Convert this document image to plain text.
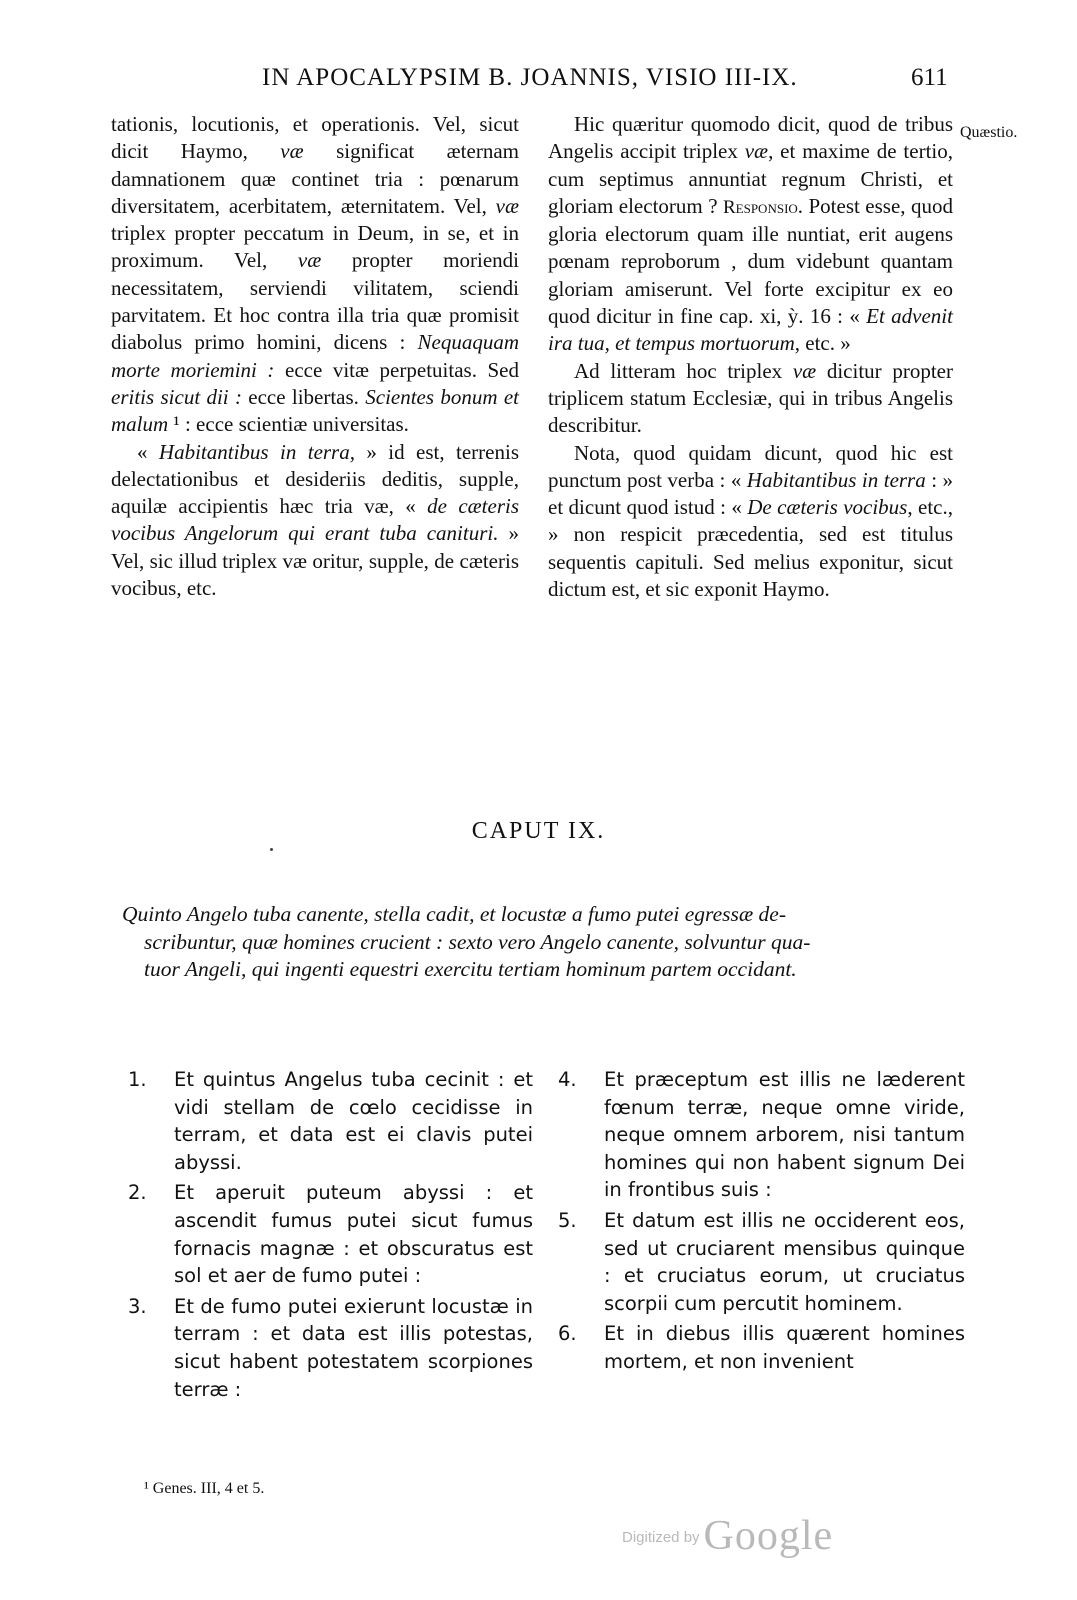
IN APOCALYPSIM B. JOANNIS, VISIO III-IX.	611
Quæstio.

tationis, locutionis, et operationis. Vel, sicut dicit Haymo, væ significat æternam damnationem quæ continet tria : pœnarum diversitatem, acerbitatem, æternitatem. Vel, væ triplex propter peccatum in Deum, in se, et in proximum. Vel, væ propter moriendi necessitatem, serviendi vilitatem, sciendi parvitatem. Et hoc contra illa tria quæ promisit diabolus primo homini, dicens : Nequaquam morte moriemini : ecce vitæ perpetuitas. Sed eritis sicut dii : ecce libertas. Scientes bonum et malum ¹ : ecce scientiæ universitas.

« Habitantibus in terra, » id est, terrenis delectationibus et desideriis deditis, supple, aquilæ accipientis hæc tria væ, « de cæteris vocibus Angelorum qui erant tuba canituri. » Vel, sic illud triplex væ oritur, supple, de cæteris vocibus, etc.

Hic quæritur quomodo dicit, quod de tribus Angelis accipit triplex væ, et maxime de tertio, cum septimus annuntiat regnum Christi, et gloriam electorum ? Responsio. Potest esse, quod gloria electorum quam ille nuntiat, erit augens pœnam reproborum , dum videbunt quantam gloriam amiserunt. Vel forte excipitur ex eo quod dicitur in fine cap. xi, ỳ. 16 : « Et advenit ira tua, et tempus mortuorum, etc. »

Ad litteram hoc triplex væ dicitur propter triplicem statum Ecclesiæ, qui in tribus Angelis describitur.

Nota, quod quidam dicunt, quod hic est punctum post verba : « Habitantibus in terra : » et dicunt quod istud : « De cæteris vocibus, etc., » non respicit præcedentia, sed est titulus sequentis capituli. Sed melius exponitur, sicut dictum est, et sic exponit Haymo.

CAPUT IX.
Quinto Angelo tuba canente, stella cadit, et locustæ a fumo putei egressæ de-
scribuntur, quæ homines crucient : sexto vero Angelo canente, solvuntur qua-
tuor Angeli, qui ingenti equestri exercitu tertiam hominum partem occidant.
1. Et quintus Angelus tuba cecinit : et vidi stellam de cœlo cecidisse in terram, et data est ei clavis putei abyssi.
2. Et aperuit puteum abyssi : et ascendit fumus putei sicut fumus fornacis magnæ : et obscuratus est sol et aer de fumo putei :
3. Et de fumo putei exierunt locustæ in terram : et data est illis potestas, sicut habent potestatem scorpiones terræ :
4. Et præceptum est illis ne læderent fœnum terræ, neque omne viride, neque omnem arborem, nisi tantum homines qui non habent signum Dei in frontibus suis :
5. Et datum est illis ne occiderent eos, sed ut cruciarent mensibus quinque : et cruciatus eorum, ut cruciatus scorpii cum percutit hominem.
6. Et in diebus illis quærent homines mortem, et non invenient
¹ Genes. III, 4 et 5.
Digitized by Google
